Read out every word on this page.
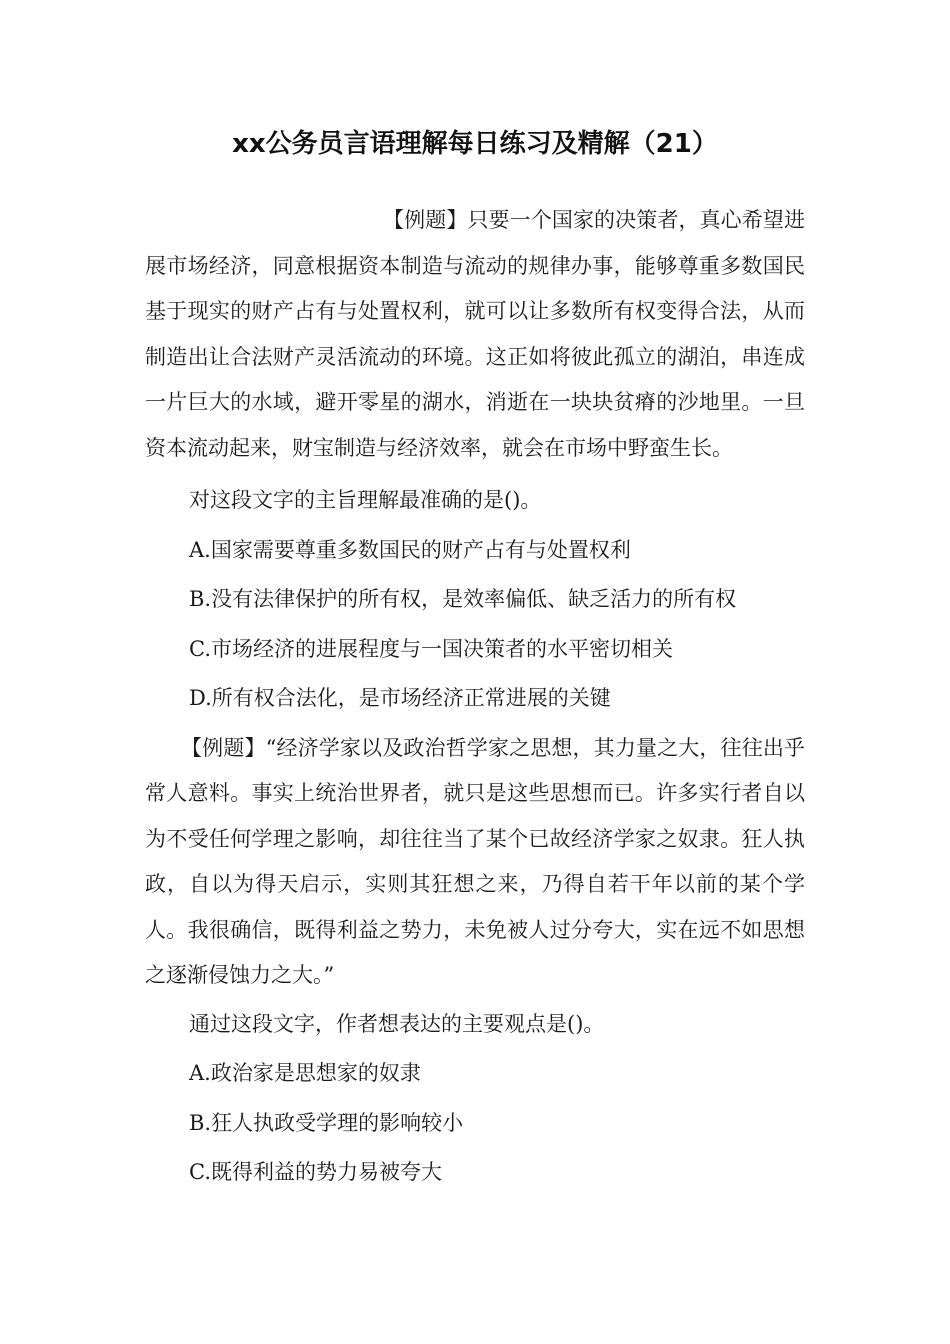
xx公务员言语理解每日练习及精解（21）

【例题】只要一个国家的决策者，真心希望进展市场经济，同意根据资本制造与流动的规律办事，能够尊重多数国民基于现实的财产占有与处置权利，就可以让多数所有权变得合法，从而制造出让合法财产灵活流动的环境。这正如将彼此孤立的湖泊，串连成一片巨大的水域，避开零星的湖水，消逝在一块块贫瘠的沙地里。一旦资本流动起来，财宝制造与经济效率，就会在市场中野蛮生长。

对这段文字的主旨理解最准确的是()。

A.国家需要尊重多数国民的财产占有与处置权利

B.没有法律保护的所有权，是效率偏低、缺乏活力的所有权

C.市场经济的进展程度与一国决策者的水平密切相关

D.所有权合法化，是市场经济正常进展的关键

【例题】“经济学家以及政治哲学家之思想，其力量之大，往往出乎常人意料。事实上统治世界者，就只是这些思想而已。许多实行者自以为不受任何学理之影响，却往往当了某个已故经济学家之奴隶。狂人执政，自以为得天启示，实则其狂想之来，乃得自若干年以前的某个学人。我很确信，既得利益之势力，未免被人过分夸大，实在远不如思想之逐渐侵蚀力之大。”

通过这段文字，作者想表达的主要观点是()。

A.政治家是思想家的奴隶

B.狂人执政受学理的影响较小

C.既得利益的势力易被夸大
